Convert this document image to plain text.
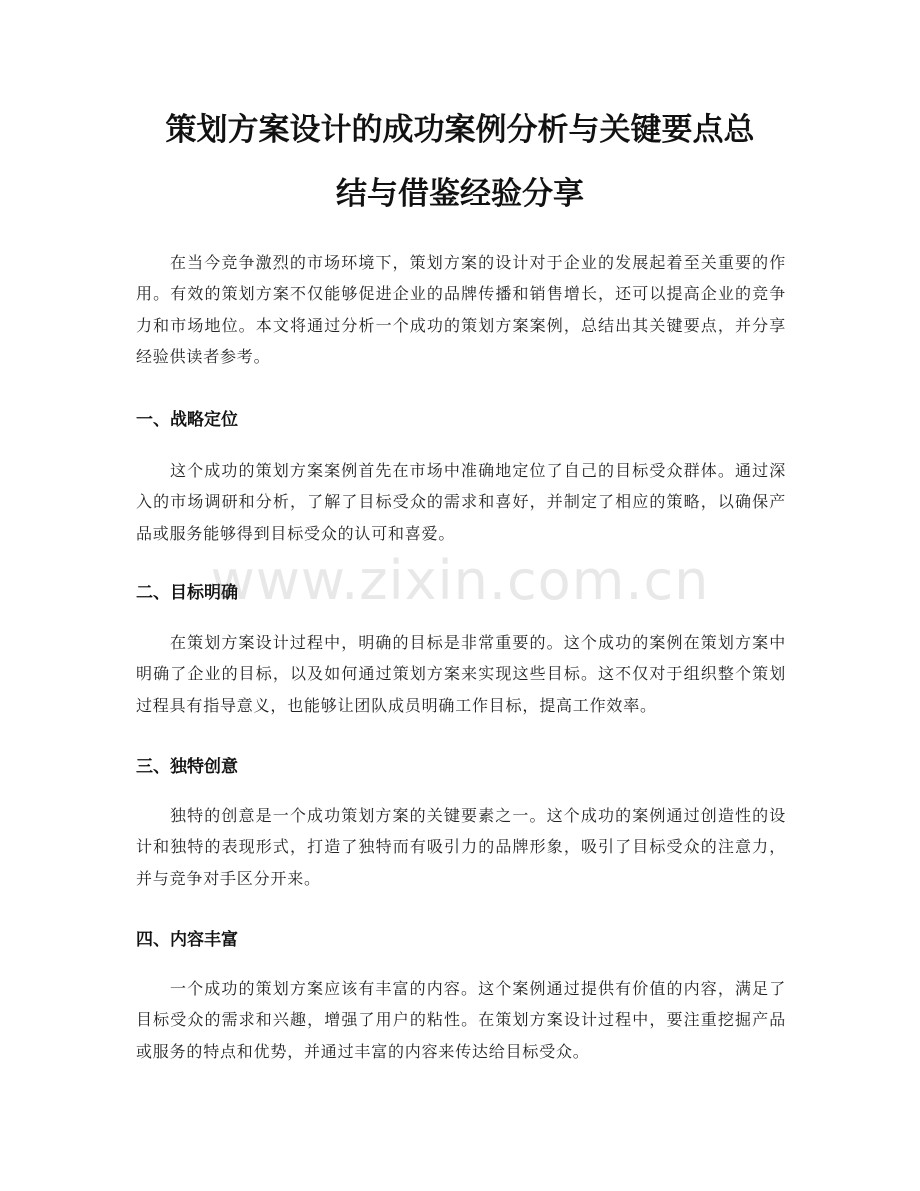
策划方案设计的成功案例分析与关键要点总
结与借鉴经验分享

在当今竞争激烈的市场环境下，策划方案的设计对于企业的发展起着至关重要的作用。有效的策划方案不仅能够促进企业的品牌传播和销售增长，还可以提高企业的竞争力和市场地位。本文将通过分析一个成功的策划方案案例，总结出其关键要点，并分享经验供读者参考。

一、战略定位

这个成功的策划方案案例首先在市场中准确地定位了自己的目标受众群体。通过深入的市场调研和分析，了解了目标受众的需求和喜好，并制定了相应的策略，以确保产品或服务能够得到目标受众的认可和喜爱。

二、目标明确

在策划方案设计过程中，明确的目标是非常重要的。这个成功的案例在策划方案中明确了企业的目标，以及如何通过策划方案来实现这些目标。这不仅对于组织整个策划过程具有指导意义，也能够让团队成员明确工作目标，提高工作效率。

三、独特创意

独特的创意是一个成功策划方案的关键要素之一。这个成功的案例通过创造性的设计和独特的表现形式，打造了独特而有吸引力的品牌形象，吸引了目标受众的注意力，并与竞争对手区分开来。

四、内容丰富

一个成功的策划方案应该有丰富的内容。这个案例通过提供有价值的内容，满足了目标受众的需求和兴趣，增强了用户的粘性。在策划方案设计过程中，要注重挖掘产品或服务的特点和优势，并通过丰富的内容来传达给目标受众。

www.zixin.com.cn
